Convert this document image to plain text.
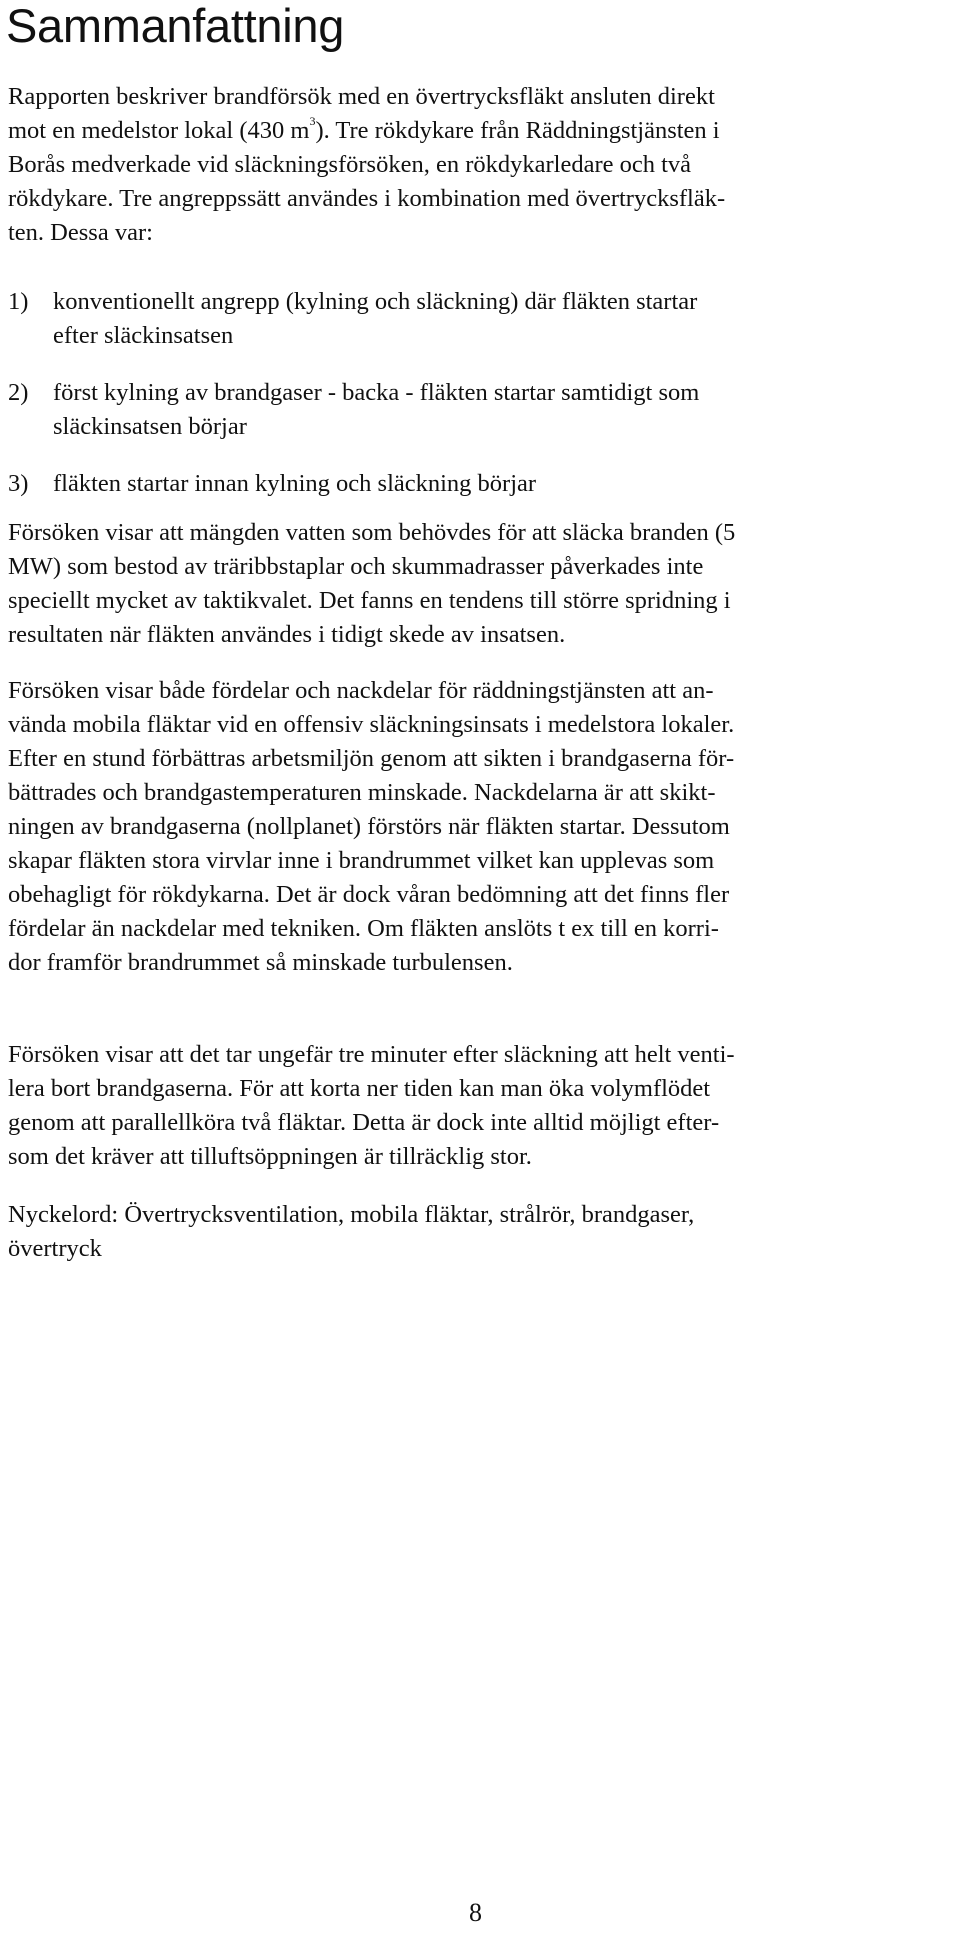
Sammanfattning

Rapporten beskriver brandförsök med en övertrycksfläkt ansluten direkt
mot en medelstor lokal (430 $m^3$). Tre rökdykare från Räddningstjänsten i
Borås medverkade vid släckningsförsöken, en rökdykarledare och två
rökdykare. Tre angreppssätt användes i kombination med övertrycksfläk-
ten. Dessa var:

1)	konventionellt angrepp (kylning och släckning) där fläkten startar
efter släckinsatsen

2)	först kylning av brandgaser - backa - fläkten startar samtidigt som
släckinsatsen börjar

3)	fläkten startar innan kylning och släckning börjar

Försöken visar att mängden vatten som behövdes för att släcka branden (5
MW) som bestod av träribbstaplar och skummadrasser påverkades inte
speciellt mycket av taktikvalet. Det fanns en tendens till större spridning i
resultaten när fläkten användes i tidigt skede av insatsen.

Försöken visar både fördelar och nackdelar för räddningstjänsten att an-
vända mobila fläktar vid en offensiv släckningsinsats i medelstora lokaler.
Efter en stund förbättras arbetsmiljön genom att sikten i brandgaserna för-
bättrades och brandgastemperaturen minskade. Nackdelarna är att skikt-
ningen av brandgaserna (nollplanet) förstörs när fläkten startar. Dessutom
skapar fläkten stora virvlar inne i brandrummet vilket kan upplevas som
obehagligt för rökdykarna. Det är dock våran bedömning att det finns fler
fördelar än nackdelar med tekniken. Om fläkten anslöts t ex till en korri-
dor framför brandrummet så minskade turbulensen.

Försöken visar att det tar ungefär tre minuter efter släckning att helt venti-
lera bort brandgaserna. För att korta ner tiden kan man öka volymflödet
genom att parallellköra två fläktar. Detta är dock inte alltid möjligt efter-
som det kräver att tilluftsöppningen är tillräcklig stor.

Nyckelord: Övertrycksventilation, mobila fläktar, strålrör, brandgaser,
övertryck

8
